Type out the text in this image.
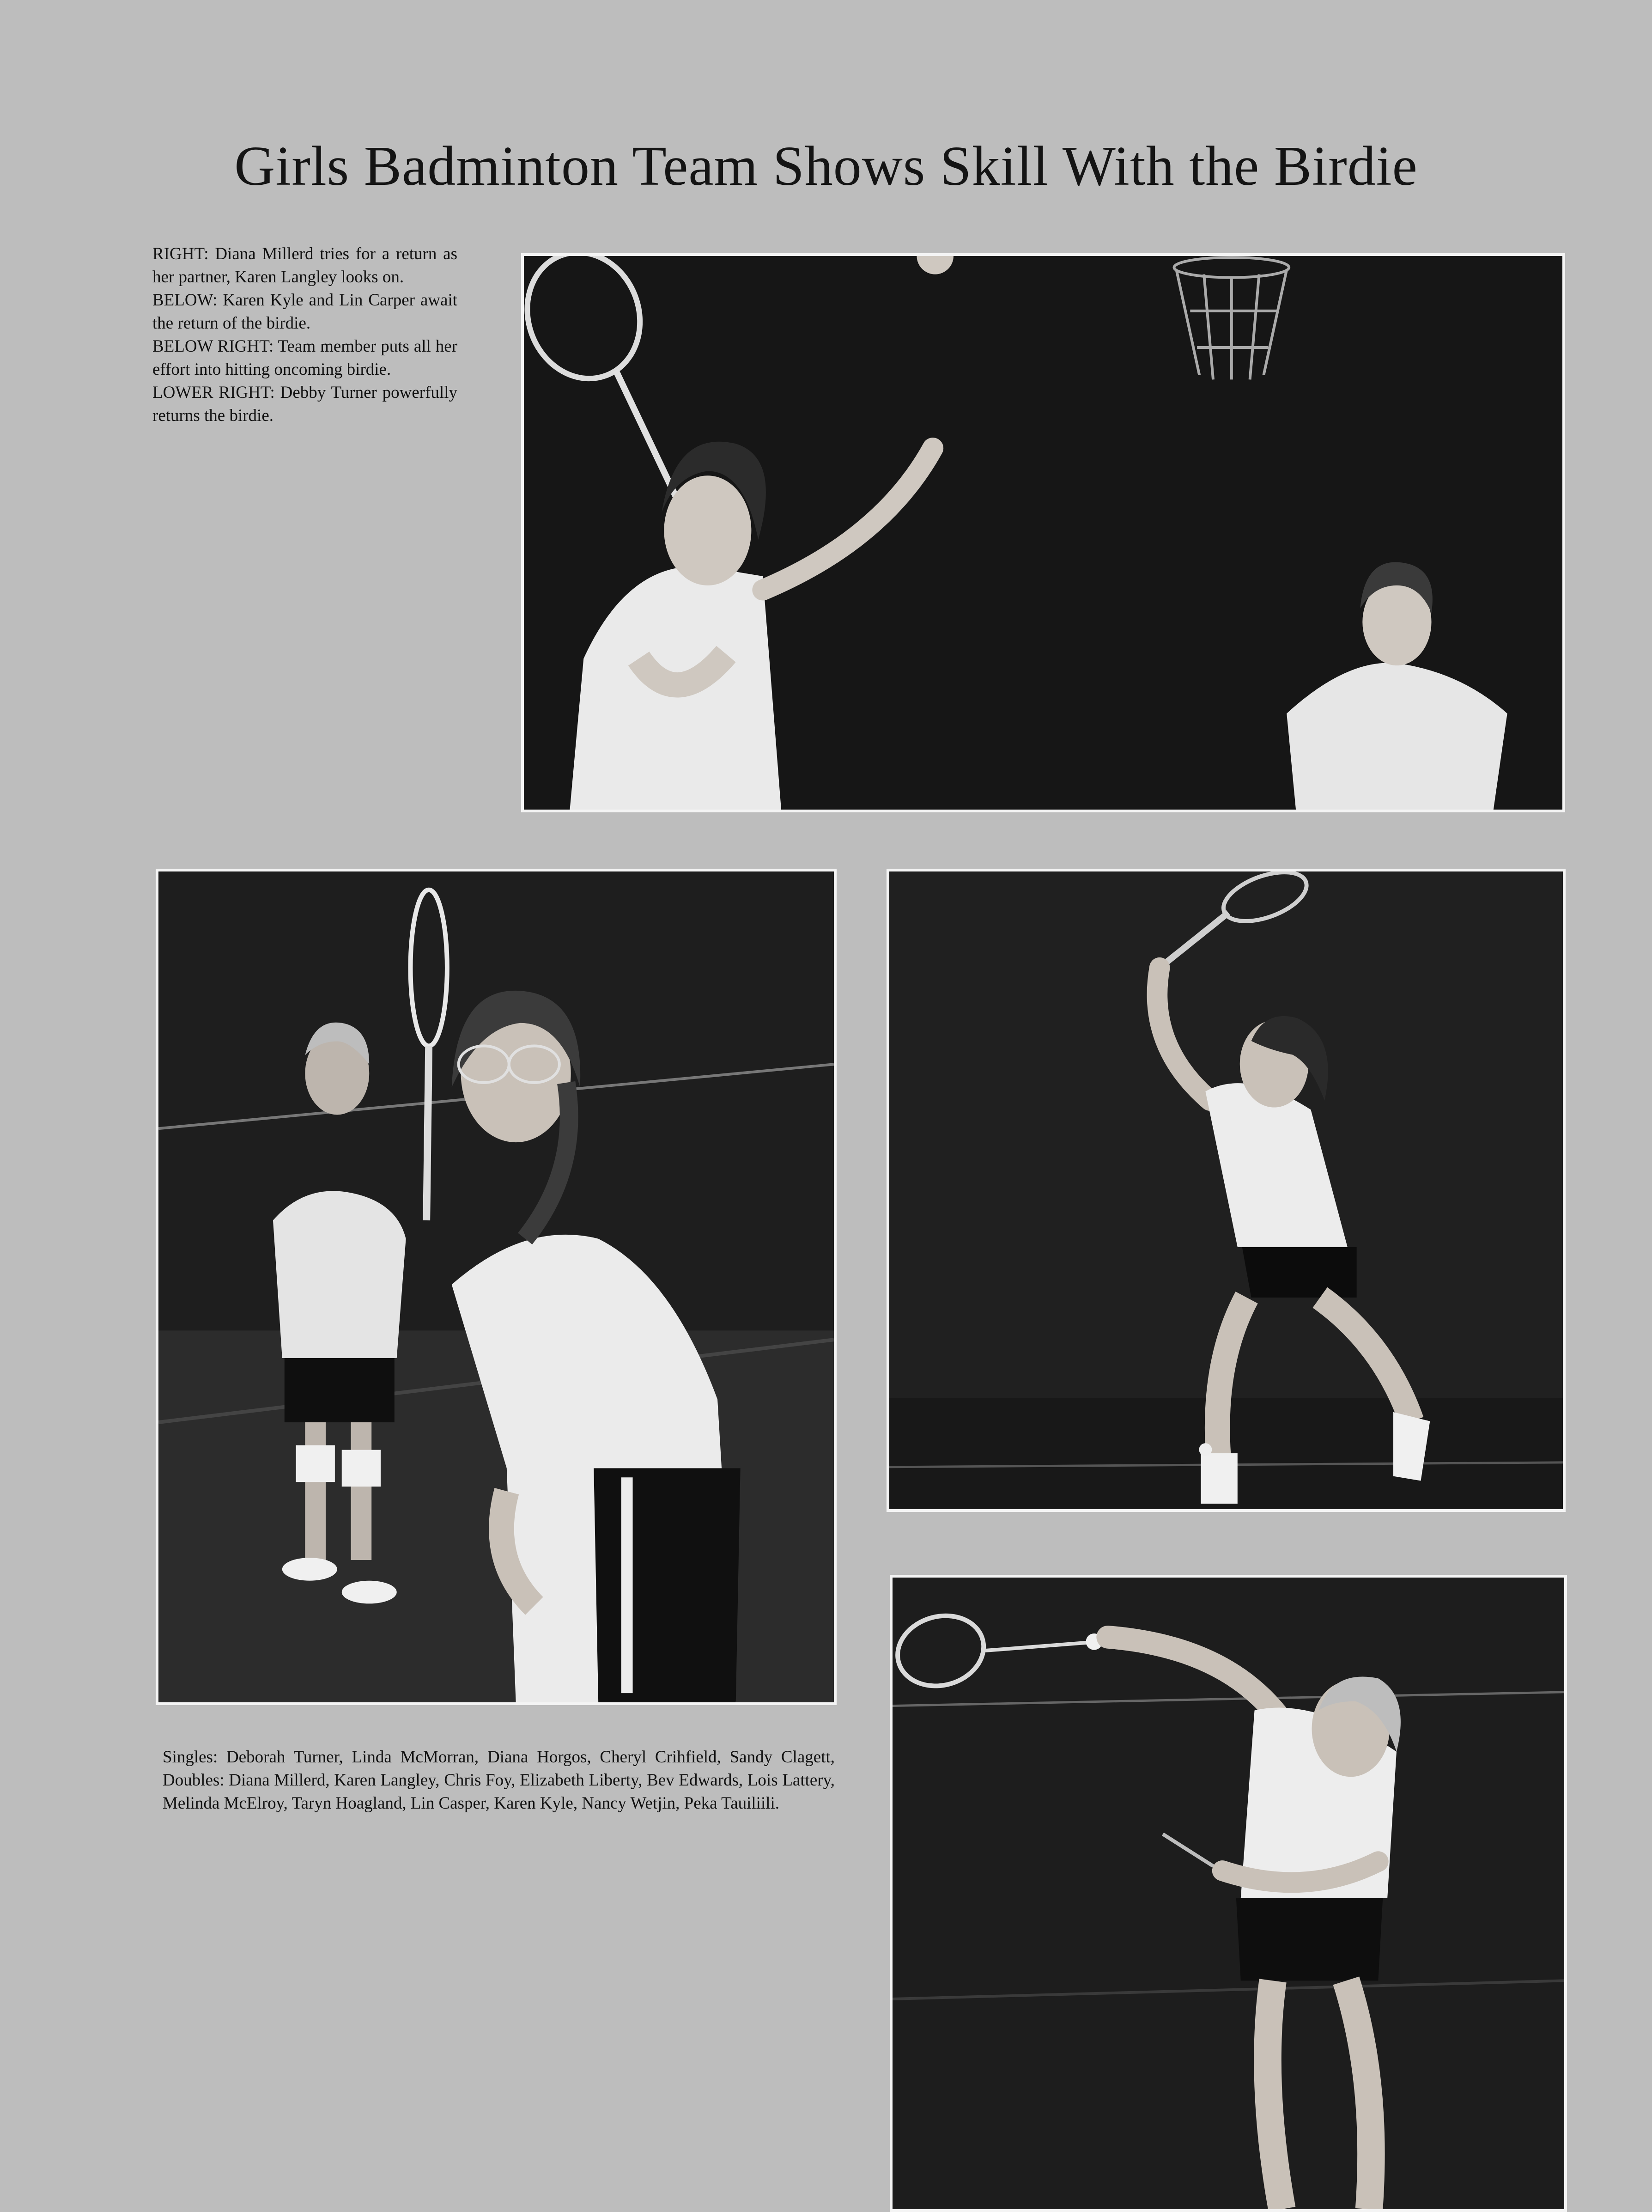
Girls Badminton Team Shows Skill With the Birdie

RIGHT: Diana Millerd tries for a return as her partner, Karen Langley looks on.

BELOW: Karen Kyle and Lin Carper await the return of the birdie.

BELOW RIGHT: Team member puts all her effort into hitting oncoming birdie.

LOWER RIGHT: Debby Turner powerfully returns the birdie.

Singles: Deborah Turner, Linda McMorran, Diana Horgos, Cheryl Crihfield, Sandy Clagett, Doubles: Diana Millerd, Karen Langley, Chris Foy, Elizabeth Liberty, Bev Edwards, Lois Lattery, Melinda McElroy, Taryn Hoagland, Lin Casper, Karen Kyle, Nancy Wetjin, Peka Tauiliili.
